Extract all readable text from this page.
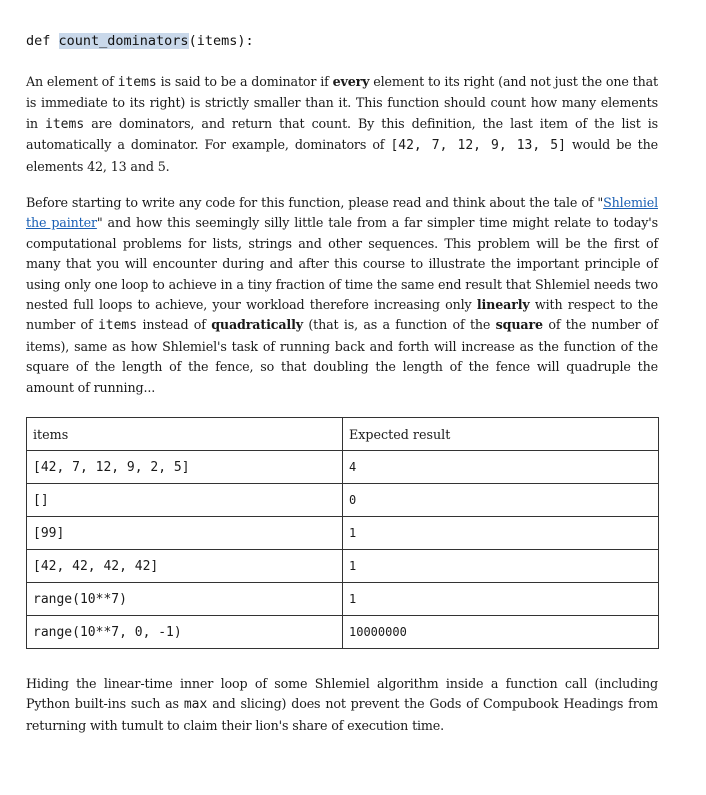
def count_dominators(items):

An element of items is said to be a dominator if every element to its right (and not just the one that is immediate to its right) is strictly smaller than it. This function should count how many elements in items are dominators, and return that count. By this definition, the last item of the list is automatically a dominator. For example, dominators of [42, 7, 12, 9, 13, 5] would be the elements 42, 13 and 5.

Before starting to write any code for this function, please read and think about the tale of "Shlemiel the painter" and how this seemingly silly little tale from a far simpler time might relate to today's computational problems for lists, strings and other sequences. This problem will be the first of many that you will encounter during and after this course to illustrate the important principle of using only one loop to achieve in a tiny fraction of time the same end result that Shlemiel needs two nested full loops to achieve, your workload therefore increasing only linearly with respect to the number of items instead of quadratically (that is, as a function of the square of the number of items), same as how Shlemiel's task of running back and forth will increase as the function of the square of the length of the fence, so that doubling the length of the fence will quadruple the amount of running...

items	Expected result
[42, 7, 12, 9, 2, 5]	4
[]	0
[99]	1
[42, 42, 42, 42]	1
range(10**7)	1
range(10**7, 0, -1)	10000000

Hiding the linear-time inner loop of some Shlemiel algorithm inside a function call (including Python built-ins such as max and slicing) does not prevent the Gods of Compubook Headings from returning with tumult to claim their lion's share of execution time.
